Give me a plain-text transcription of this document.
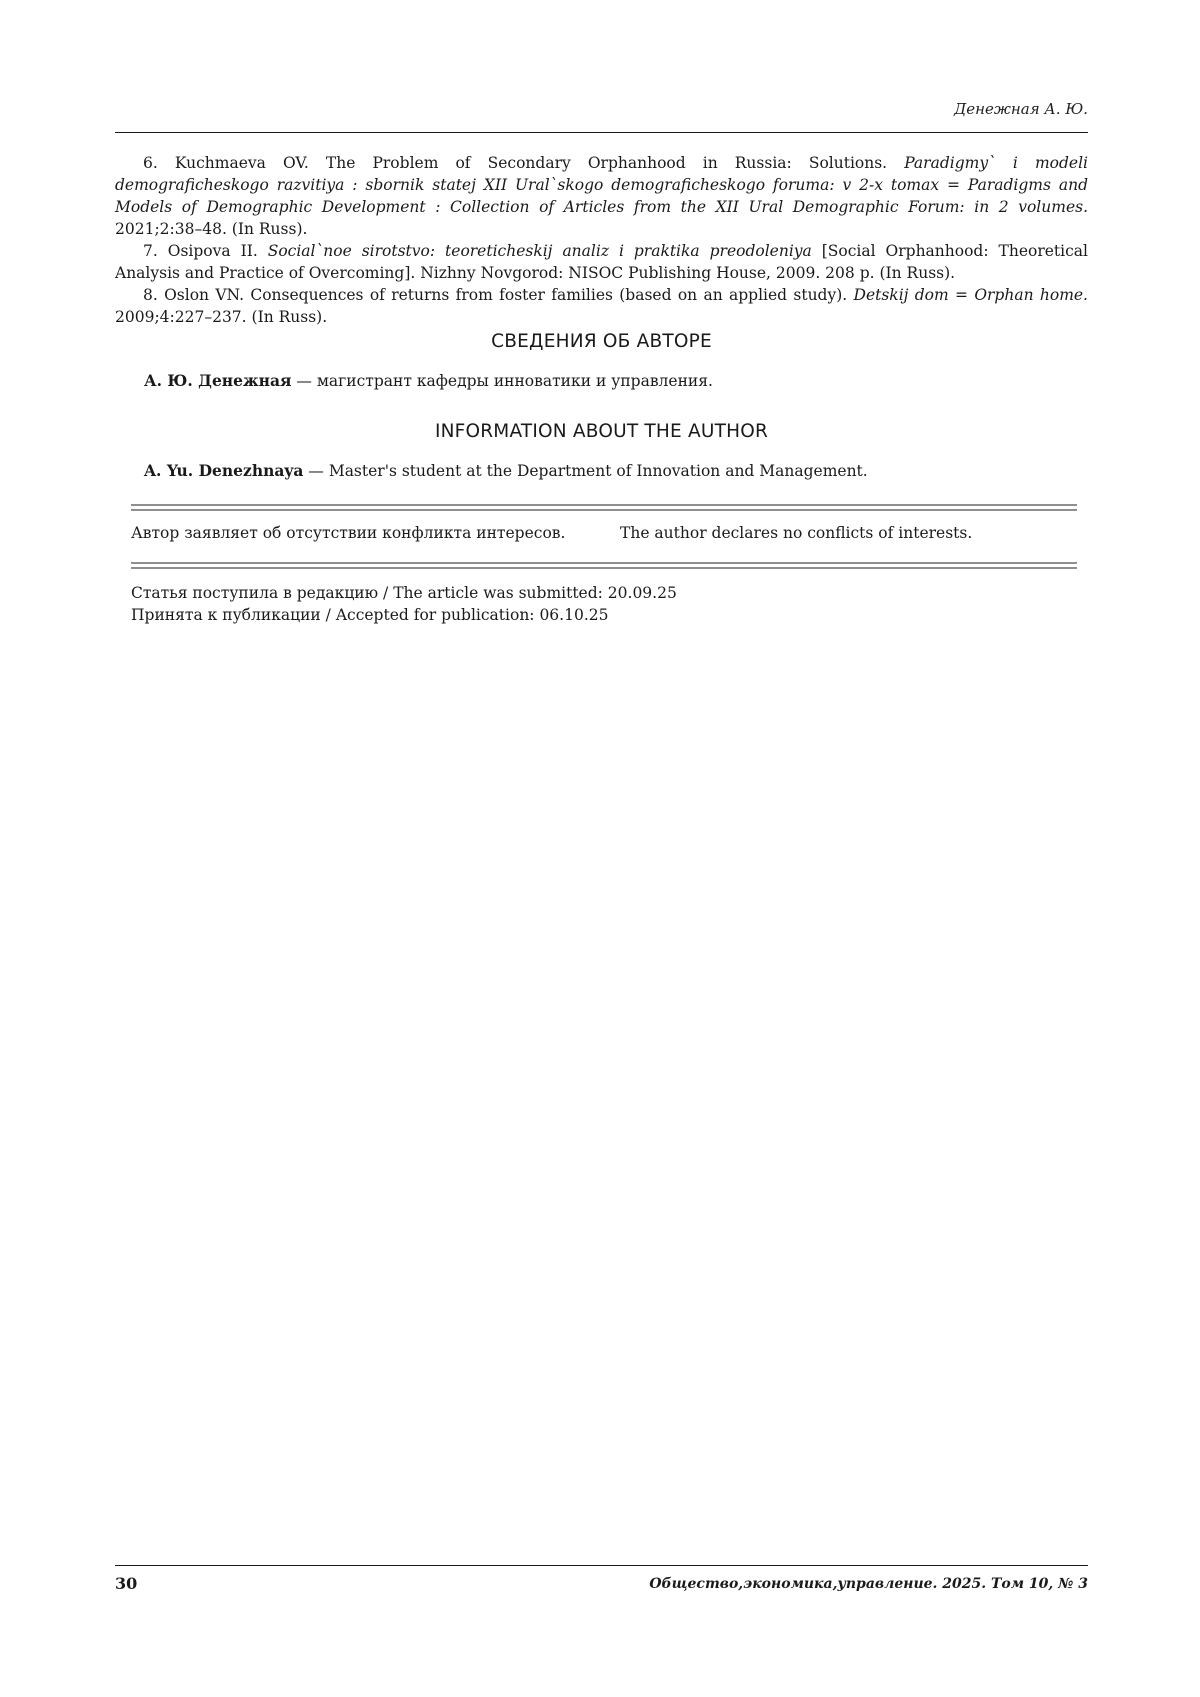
Денежная А. Ю.

6. Kuchmaeva OV. The Problem of Secondary Orphanhood in Russia: Solutions. Paradigmy` i modeli demograficheskogo razvitiya : sbornik statej XII Ural`skogo demograficheskogo foruma: v 2-x tomax = Paradigms and Models of Demographic Development : Collection of Articles from the XII Ural Demographic Forum: in 2 volumes. 2021;2:38–48. (In Russ).

7. Osipova II. Social`noe sirotstvo: teoreticheskij analiz i praktika preodoleniya [Social Orphanhood: Theoretical Analysis and Practice of Overcoming]. Nizhny Novgorod: NISOC Publishing House, 2009. 208 p. (In Russ).

8. Oslon VN. Consequences of returns from foster families (based on an applied study). Detskij dom = Orphan home. 2009;4:227–237. (In Russ).

СВЕДЕНИЯ ОБ АВТОРЕ
А. Ю. Денежная — магистрант кафедры инноватики и управления.
INFORMATION ABOUT THE AUTHOR
A. Yu. Denezhnaya — Master's student at the Department of Innovation and Management.
Автор заявляет об отсутствии конфликта интересов.	The author declares no conflicts of interests.
Статья поступила в редакцию / The article was submitted: 20.09.25
Принята к публикации / Accepted for publication: 06.10.25
30	Общество,экономика,управление. 2025. Том 10, № 3
